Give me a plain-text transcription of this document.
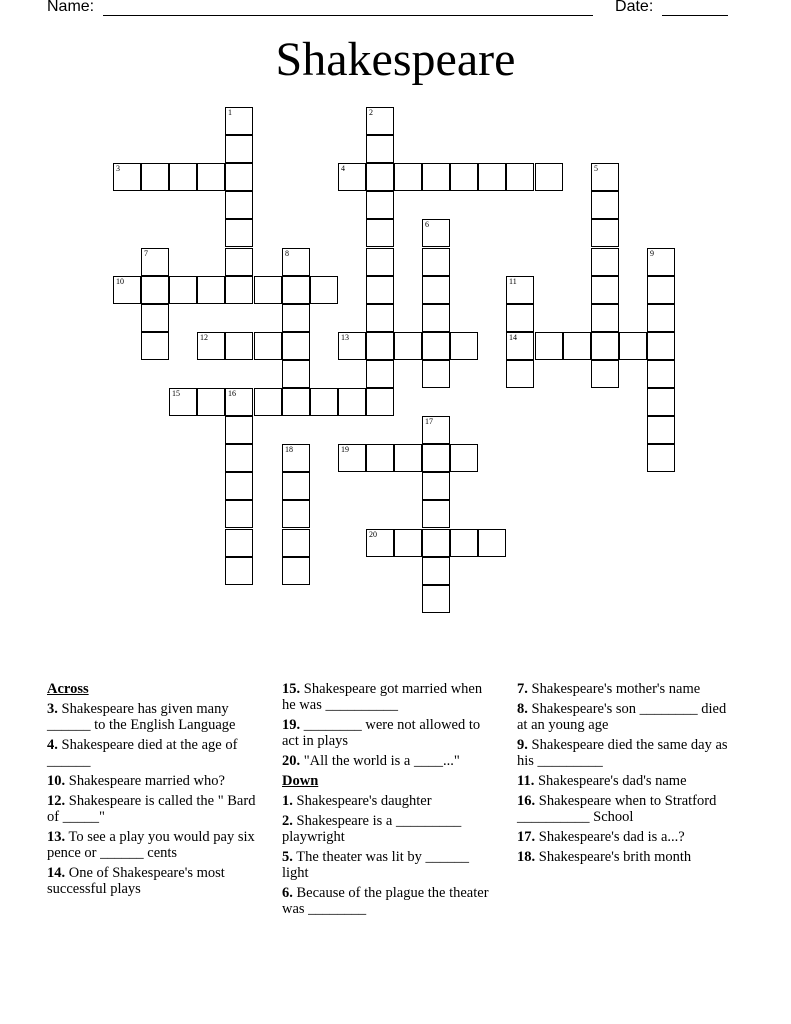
Name:	Date:
Shakespeare
1	2
3	4	5
6
7	8	9
10	11
14
12	13
15	16
17
18	19
20
Across
3. Shakespeare has given many ______ to the English Language
4. Shakespeare died at the age of ______
10. Shakespeare married who?
12. Shakespeare is called the " Bard of _____"
13. To see a play you would pay six pence or ______ cents
14. One of Shakespeare's most successful plays
15. Shakespeare got married when he was __________
19. ________ were not allowed to act in plays
20. "All the world is a ____..."
Down
1. Shakespeare's daughter
2. Shakespeare is a _________ playwright
5. The theater was lit by ______ light
6. Because of the plague the theater was ________
7. Shakespeare's mother's name
8. Shakespeare's son ________ died at an young age
9. Shakespeare died the same day as his _________
11. Shakespeare's dad's name
16. Shakespeare when to Stratford __________ School
17. Shakespeare's dad is a...?
18. Shakespeare's brith month
